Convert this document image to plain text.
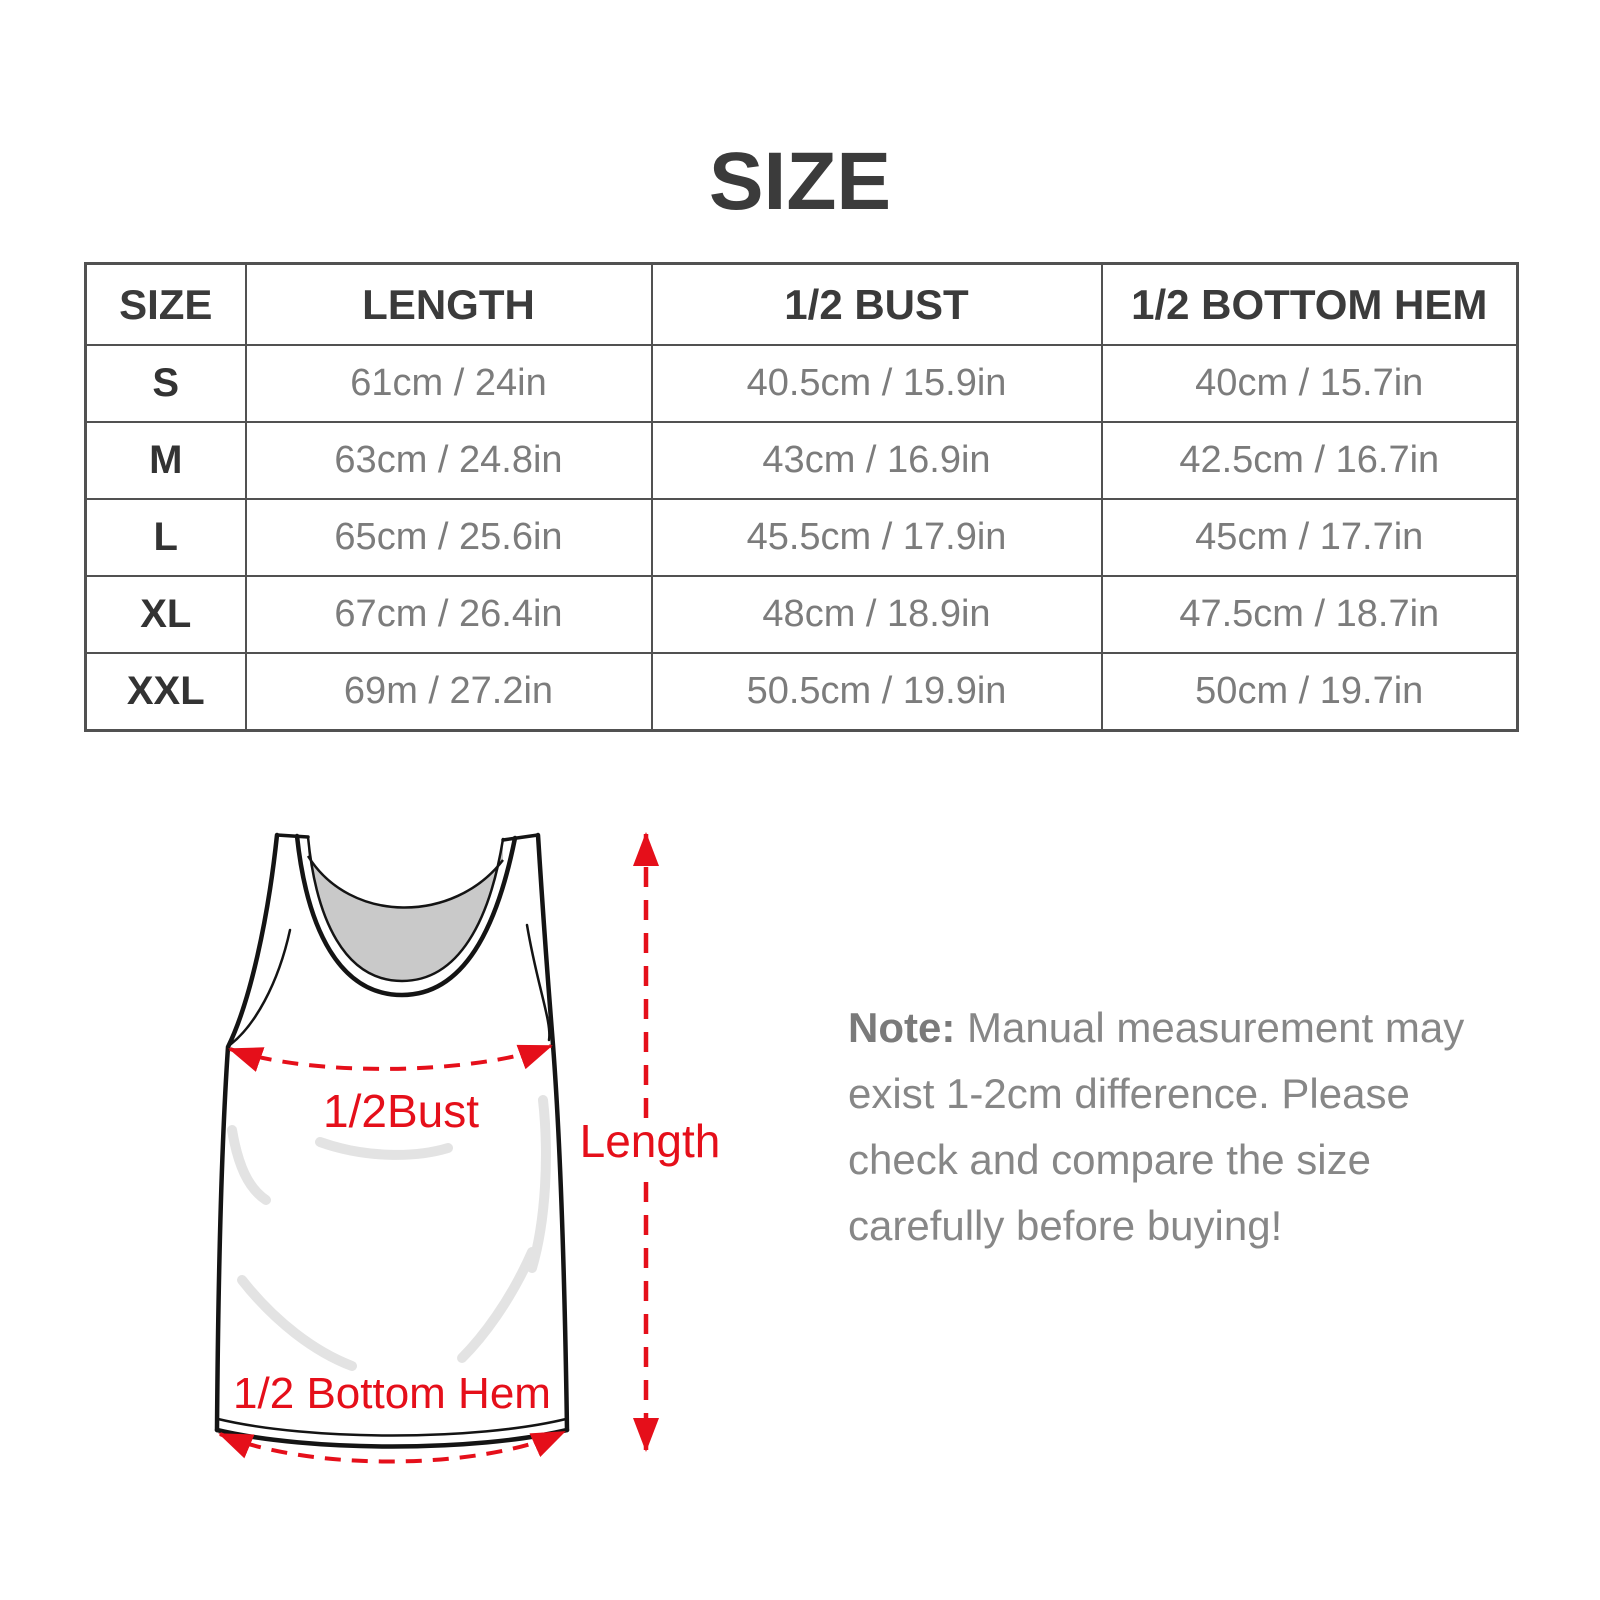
SIZE
SIZE	LENGTH	1/2 BUST	1/2 BOTTOM HEM
S	61cm / 24in	40.5cm / 15.9in	40cm / 15.7in
M	63cm / 24.8in	43cm / 16.9in	42.5cm / 16.7in
L	65cm / 25.6in	45.5cm / 17.9in	45cm / 17.7in
XL	67cm / 26.4in	48cm / 18.9in	47.5cm / 18.7in
XXL	69m / 27.2in	50.5cm / 19.9in	50cm / 19.7in
1/2Bust
Length
1/2 Bottom Hem
Note: Manual measurement may
exist 1-2cm difference. Please
check and compare the size
carefully before buying!
